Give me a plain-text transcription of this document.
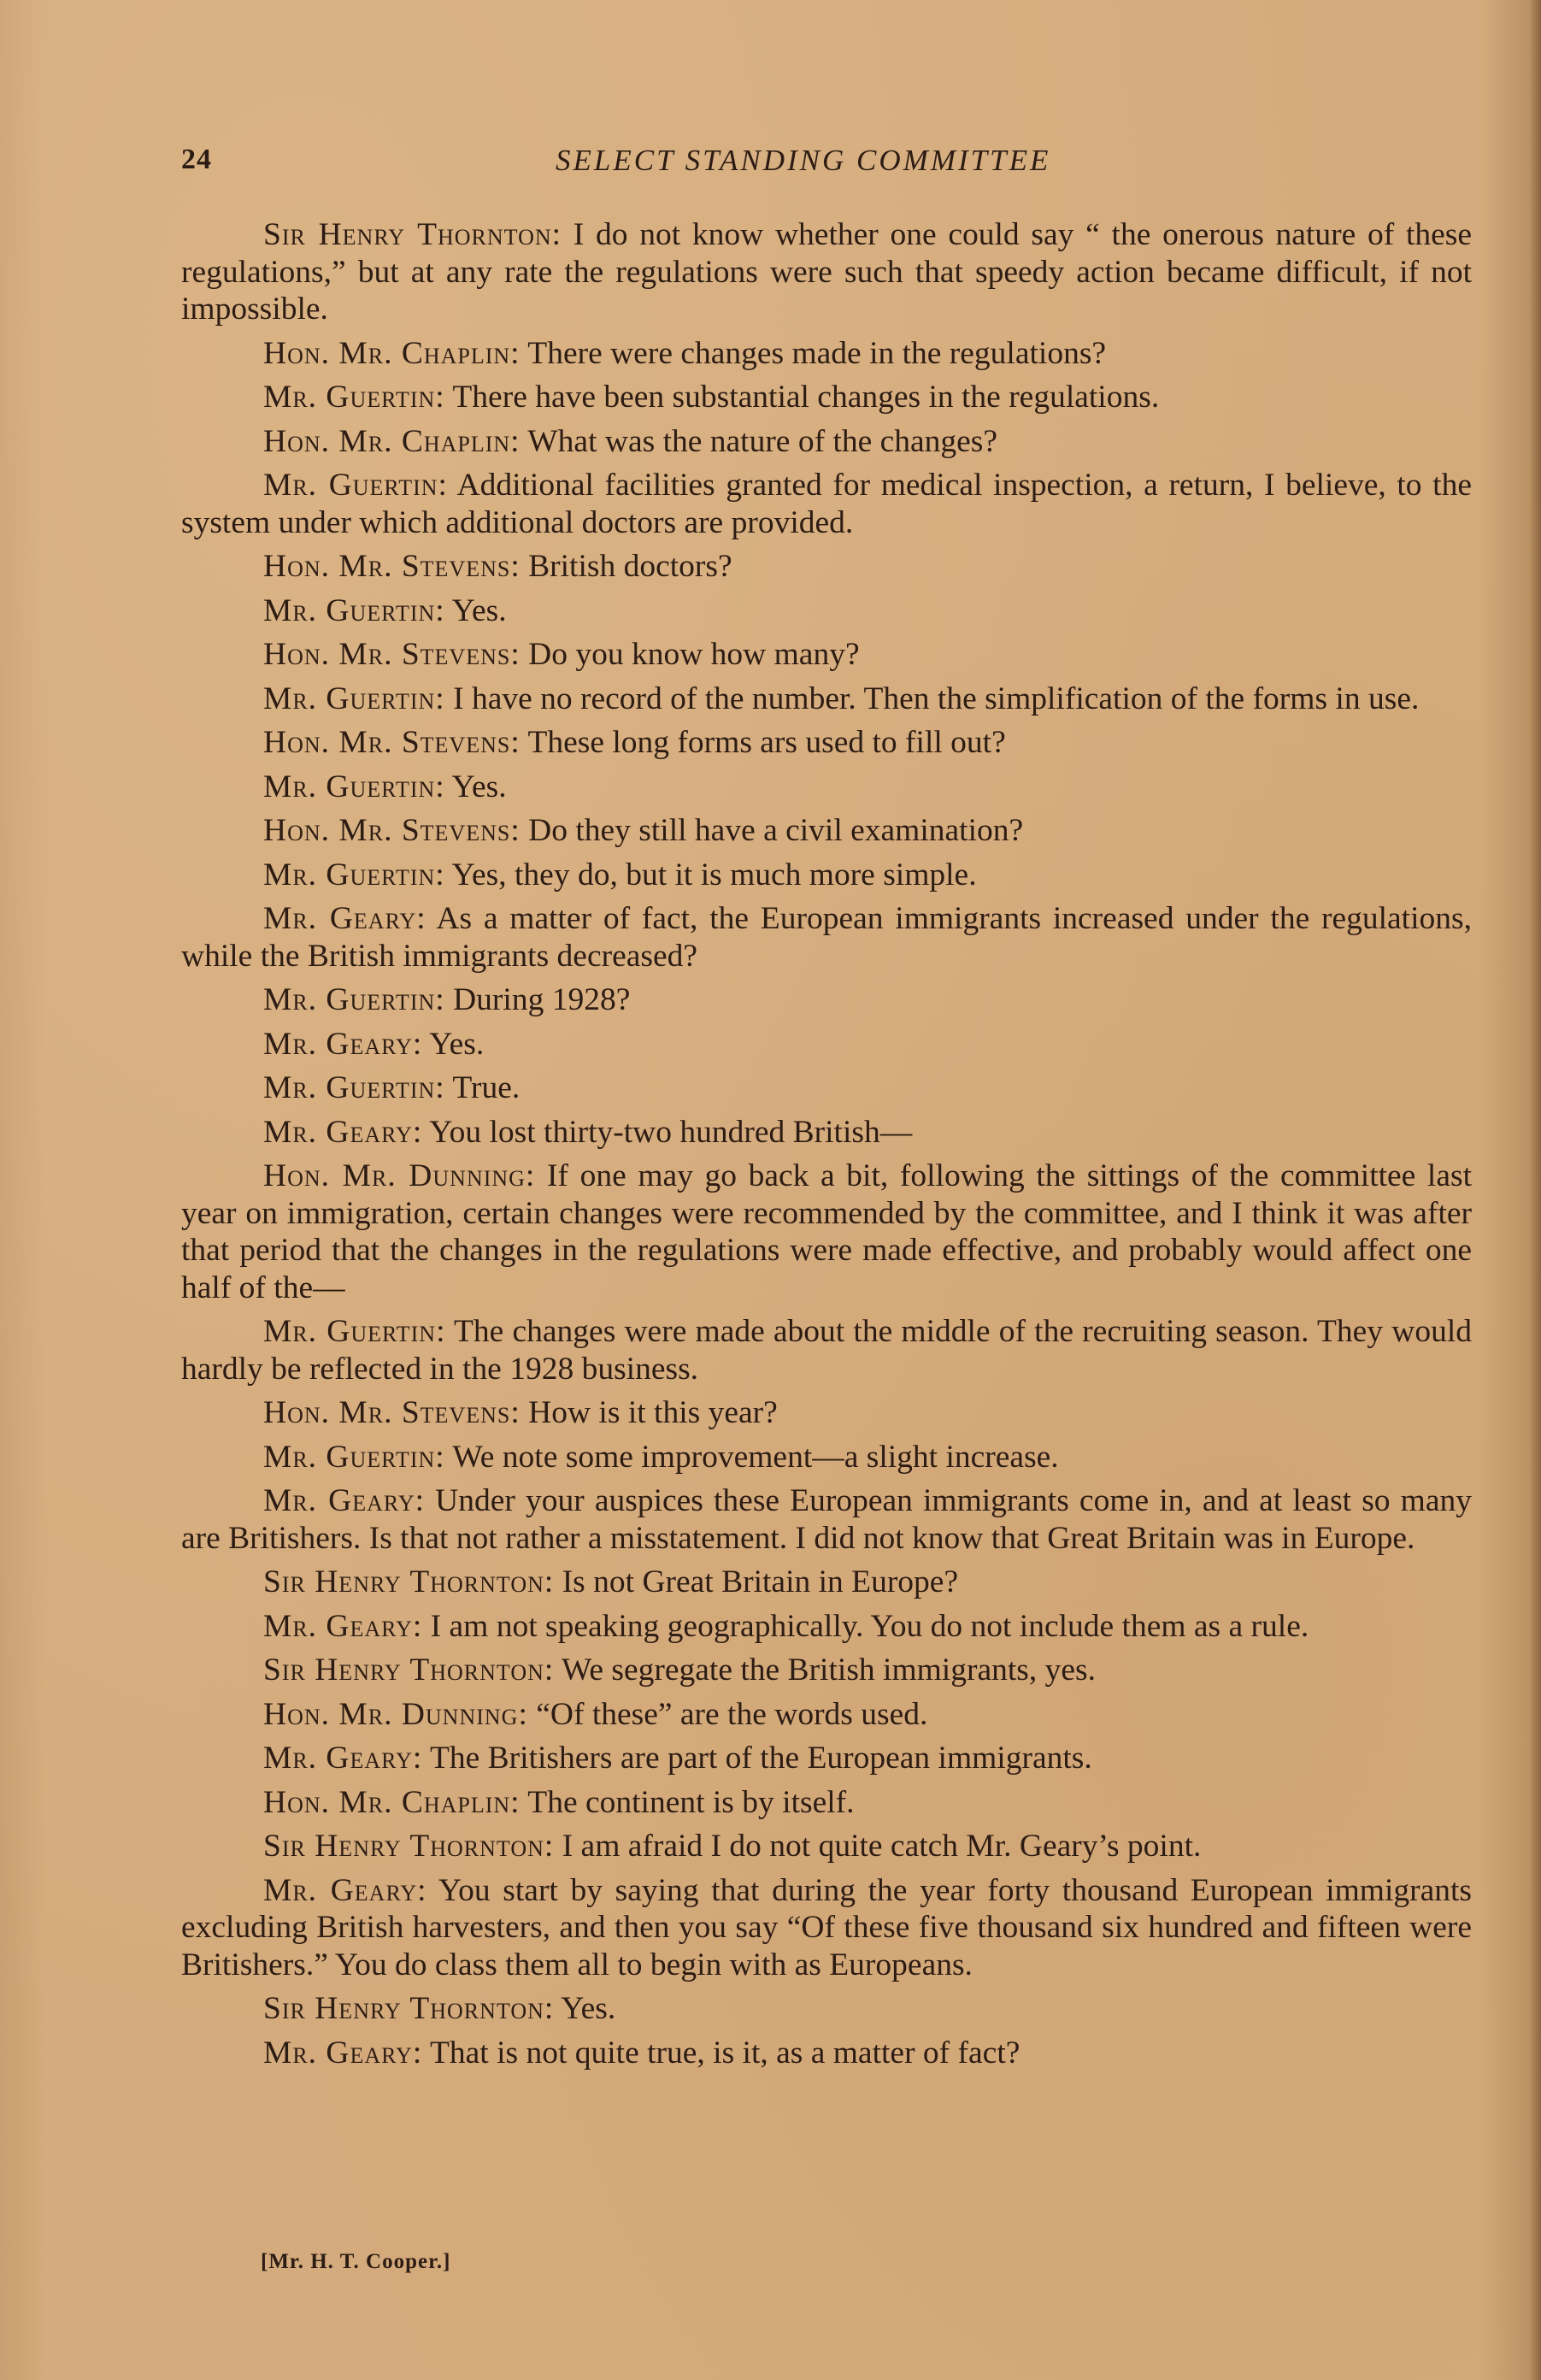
24	SELECT STANDING COMMITTEE

Sir Henry Thornton: I do not know whether one could say “ the onerous nature of these regulations,” but at any rate the regulations were such that speedy action became difficult, if not impossible.

Hon. Mr. Chaplin: There were changes made in the regulations?

Mr. Guertin: There have been substantial changes in the regulations.

Hon. Mr. Chaplin: What was the nature of the changes?

Mr. Guertin: Additional facilities granted for medical inspection, a return, I believe, to the system under which additional doctors are provided.

Hon. Mr. Stevens: British doctors?

Mr. Guertin: Yes.

Hon. Mr. Stevens: Do you know how many?

Mr. Guertin: I have no record of the number. Then the simplification of the forms in use.

Hon. Mr. Stevens: These long forms ars used to fill out?

Mr. Guertin: Yes.

Hon. Mr. Stevens: Do they still have a civil examination?

Mr. Guertin: Yes, they do, but it is much more simple.

Mr. Geary: As a matter of fact, the European immigrants increased under the regulations, while the British immigrants decreased?

Mr. Guertin: During 1928?

Mr. Geary: Yes.

Mr. Guertin: True.

Mr. Geary: You lost thirty-two hundred British—

Hon. Mr. Dunning: If one may go back a bit, following the sittings of the committee last year on immigration, certain changes were recommended by the committee, and I think it was after that period that the changes in the regulations were made effective, and probably would affect one half of the—

Mr. Guertin: The changes were made about the middle of the recruiting season. They would hardly be reflected in the 1928 business.

Hon. Mr. Stevens: How is it this year?

Mr. Guertin: We note some improvement—a slight increase.

Mr. Geary: Under your auspices these European immigrants come in, and at least so many are Britishers. Is that not rather a misstatement. I did not know that Great Britain was in Europe.

Sir Henry Thornton: Is not Great Britain in Europe?

Mr. Geary: I am not speaking geographically. You do not include them as a rule.

Sir Henry Thornton: We segregate the British immigrants, yes.

Hon. Mr. Dunning: “Of these” are the words used.

Mr. Geary: The Britishers are part of the European immigrants.

Hon. Mr. Chaplin: The continent is by itself.

Sir Henry Thornton: I am afraid I do not quite catch Mr. Geary’s point.

Mr. Geary: You start by saying that during the year forty thousand European immigrants excluding British harvesters, and then you say “Of these five thousand six hundred and fifteen were Britishers.” You do class them all to begin with as Europeans.

Sir Henry Thornton: Yes.

Mr. Geary: That is not quite true, is it, as a matter of fact?

[Mr. H. T. Cooper.]
